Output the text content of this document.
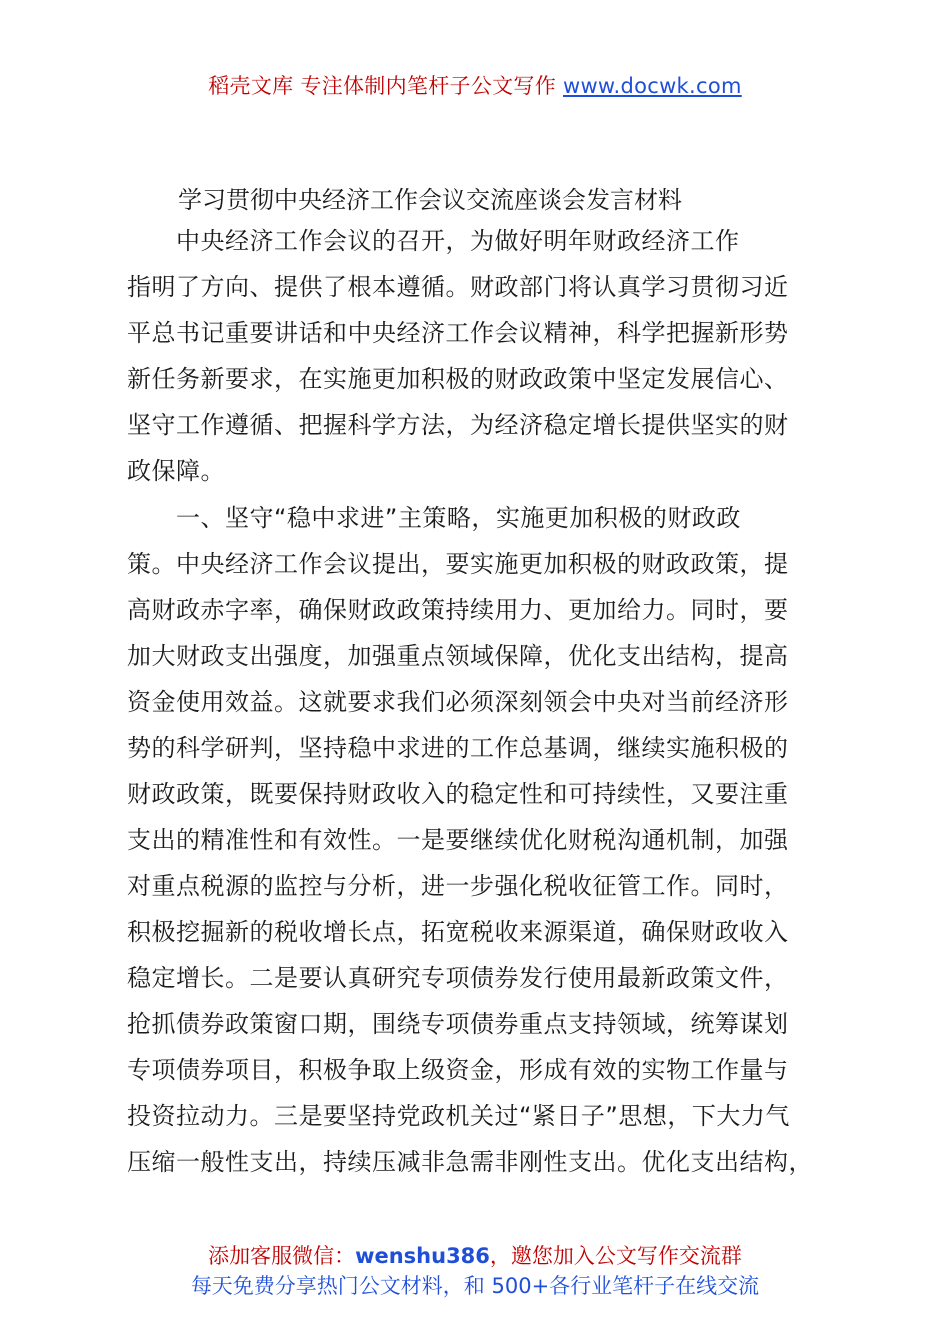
稻壳文库 专注体制内笔杆子公文写作 www.docwk.com
学习贯彻中央经济工作会议交流座谈会发言材料
　　中央经济工作会议的召开，为做好明年财政经济工作
指明了方向、提供了根本遵循。财政部门将认真学习贯彻习近
平总书记重要讲话和中央经济工作会议精神，科学把握新形势
新任务新要求，在实施更加积极的财政政策中坚定发展信心、
坚守工作遵循、把握科学方法，为经济稳定增长提供坚实的财
政保障。
　　一、坚守“稳中求进”主策略，实施更加积极的财政政
策。中央经济工作会议提出，要实施更加积极的财政政策，提
高财政赤字率，确保财政政策持续用力、更加给力。同时，要
加大财政支出强度，加强重点领域保障，优化支出结构，提高
资金使用效益。这就要求我们必须深刻领会中央对当前经济形
势的科学研判，坚持稳中求进的工作总基调，继续实施积极的
财政政策，既要保持财政收入的稳定性和可持续性，又要注重
支出的精准性和有效性。一是要继续优化财税沟通机制，加强
对重点税源的监控与分析，进一步强化税收征管工作。同时，
积极挖掘新的税收增长点，拓宽税收来源渠道，确保财政收入
稳定增长。二是要认真研究专项债券发行使用最新政策文件，
抢抓债券政策窗口期，围绕专项债券重点支持领域，统筹谋划
专项债券项目，积极争取上级资金，形成有效的实物工作量与
投资拉动力。三是要坚持党政机关过“紧日子”思想，下大力气
压缩一般性支出，持续压减非急需非刚性支出。优化支出结构，
添加客服微信：wenshu386，邀您加入公文写作交流群
每天免费分享热门公文材料，和 500+各行业笔杆子在线交流
